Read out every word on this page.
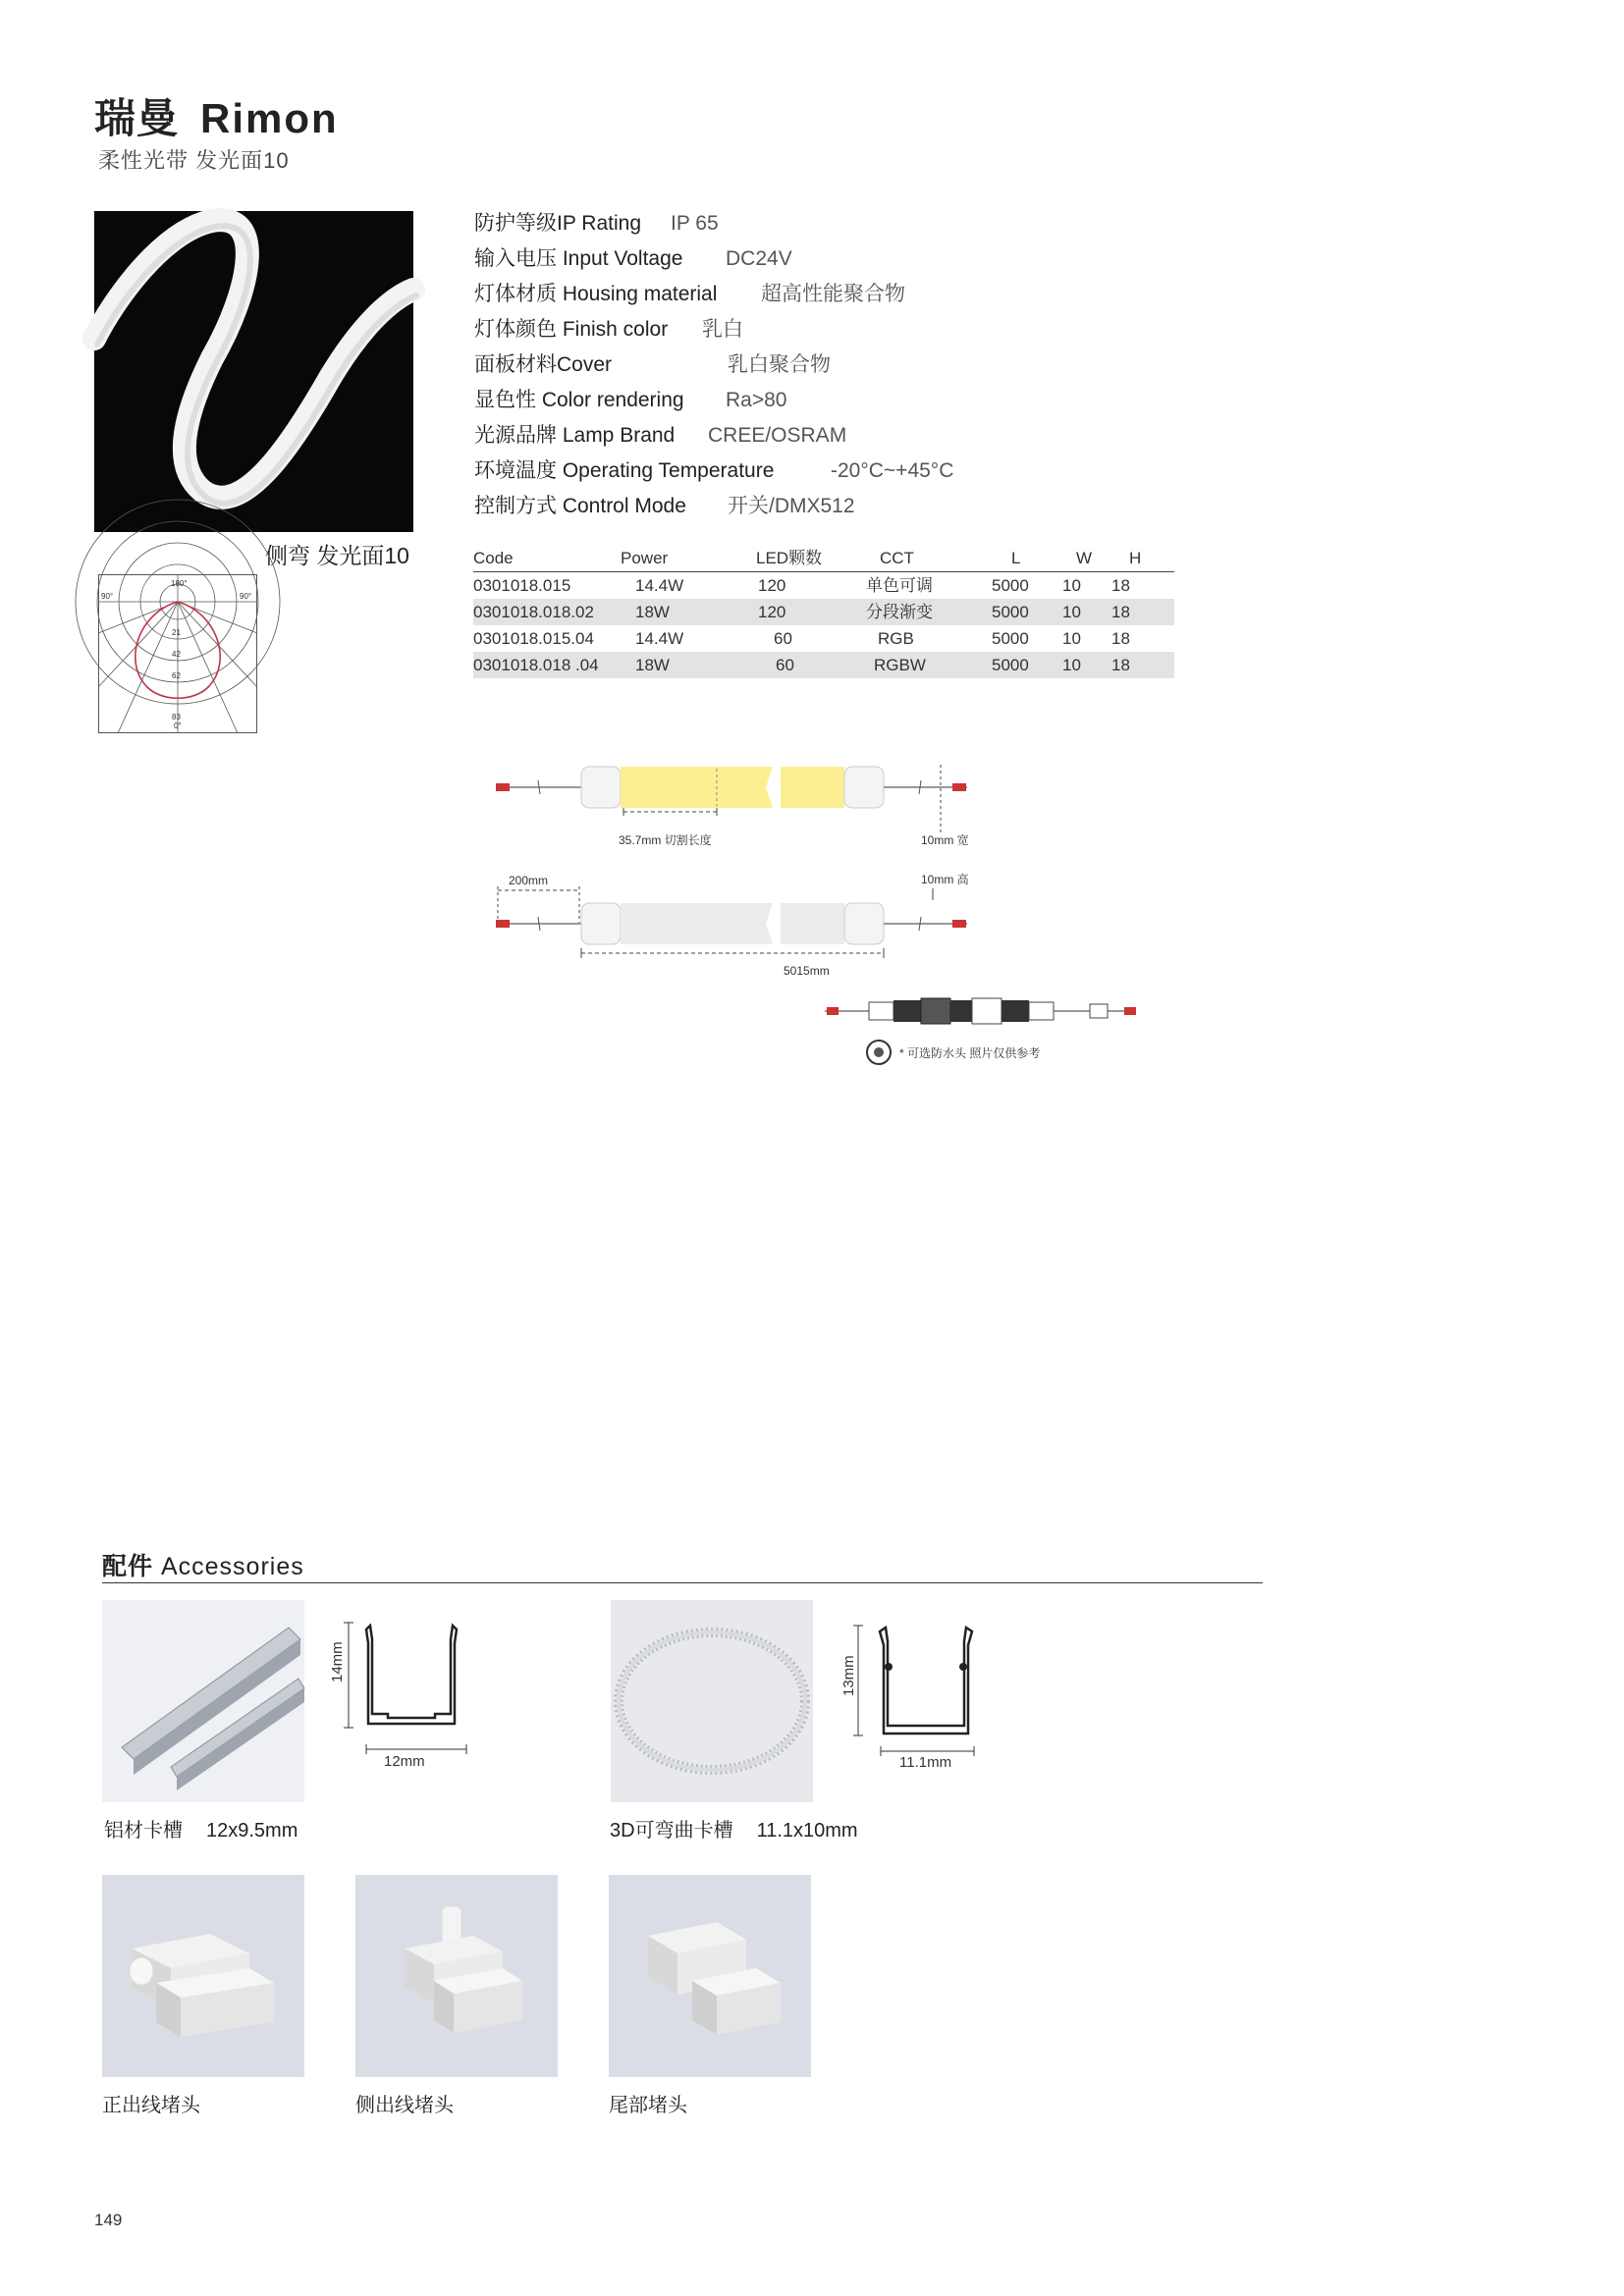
瑞曼 Rimon
柔性光带 发光面10
侧弯 发光面10
90°	90°
180°
21
42
62
83
0°
防护等级IP Rating IP 65
输入电压 Input Voltage DC24V
灯体材质 Housing material 超高性能聚合物
灯体颜色 Finish color 乳白
面板材料Cover	乳白聚合物
显色性 Color rendering Ra>80
光源品牌 Lamp Brand CREE/OSRAM
环境温度 Operating Temperature	-20°C~+45°C
控制方式 Control Mode 开关/DMX512
Code	Power	LED颗数	CCT	L	W H
0301018.015	14.4W	120	单色可调	5000 10 18
0301018.018.02 18W	120	分段渐变	5000 10 18
0301018.015.04 14.4W	60	RGB	5000 10 18
0301018.018 .04 18W	60	RGBW	5000 10 18
35.7mm 切割长度	10mm 宽
200mm	10mm 高
5015mm
* 可选防水头 照片仅供参考
配件 Accessories
14mm
12mm
铝材卡槽 12x9.5mm
13mm
11.1mm
3D可弯曲卡槽 11.1x10mm
正出线堵头	侧出线堵头	尾部堵头
149
